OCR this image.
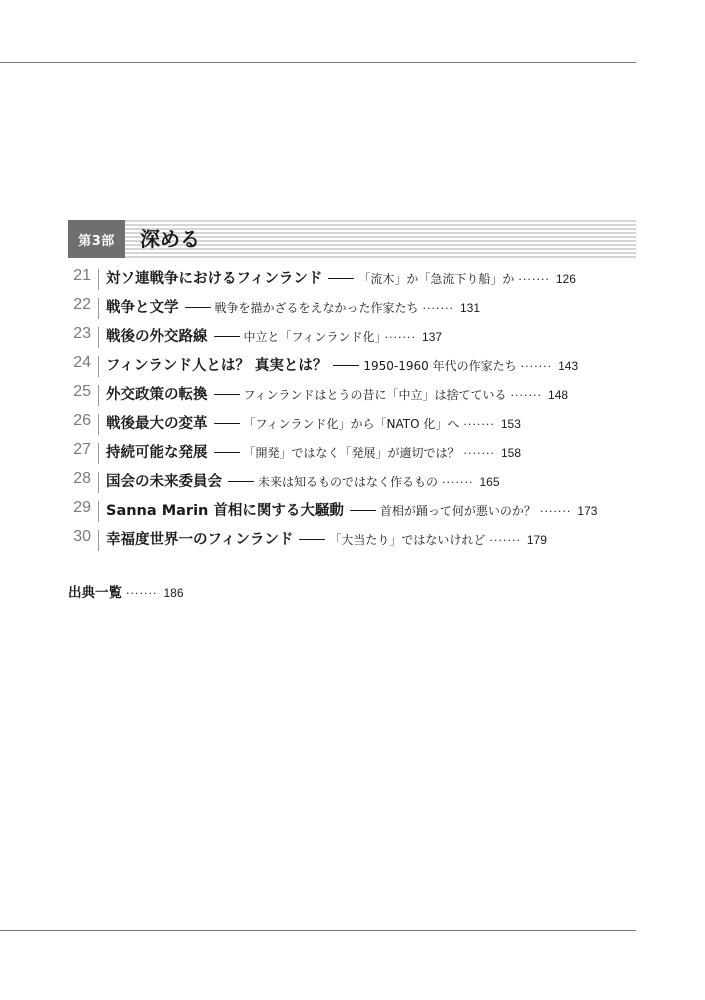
第3部	深める
21 対ソ連戦争におけるフィンランド	「流木」か「急流下り船」か ······· 126
22 戦争と文学	戦争を描かざるをえなかった作家たち ······· 131
23 戦後の外交路線	中立と「フィンランド化」 ······· 137
24 フィンランド人とは？ 真実とは？	1950-1960 年代の作家たち ······· 143
25 外交政策の転換	フィンランドはとうの昔に「中立」は捨てている ······· 148
26 戦後最大の変革	「フィンランド化」から「NATO 化」へ ······· 153
27 持続可能な発展	「開発」ではなく「発展」が適切では？ ······· 158
28 国会の未来委員会	未来は知るものではなく作るもの ······· 165
29 Sanna Marin 首相に関する大騒動	首相が踊って何が悪いのか？ ······· 173
30 幸福度世界一のフィンランド	「大当たり」ではないけれど ······· 179
出典一覧 ······· 186
